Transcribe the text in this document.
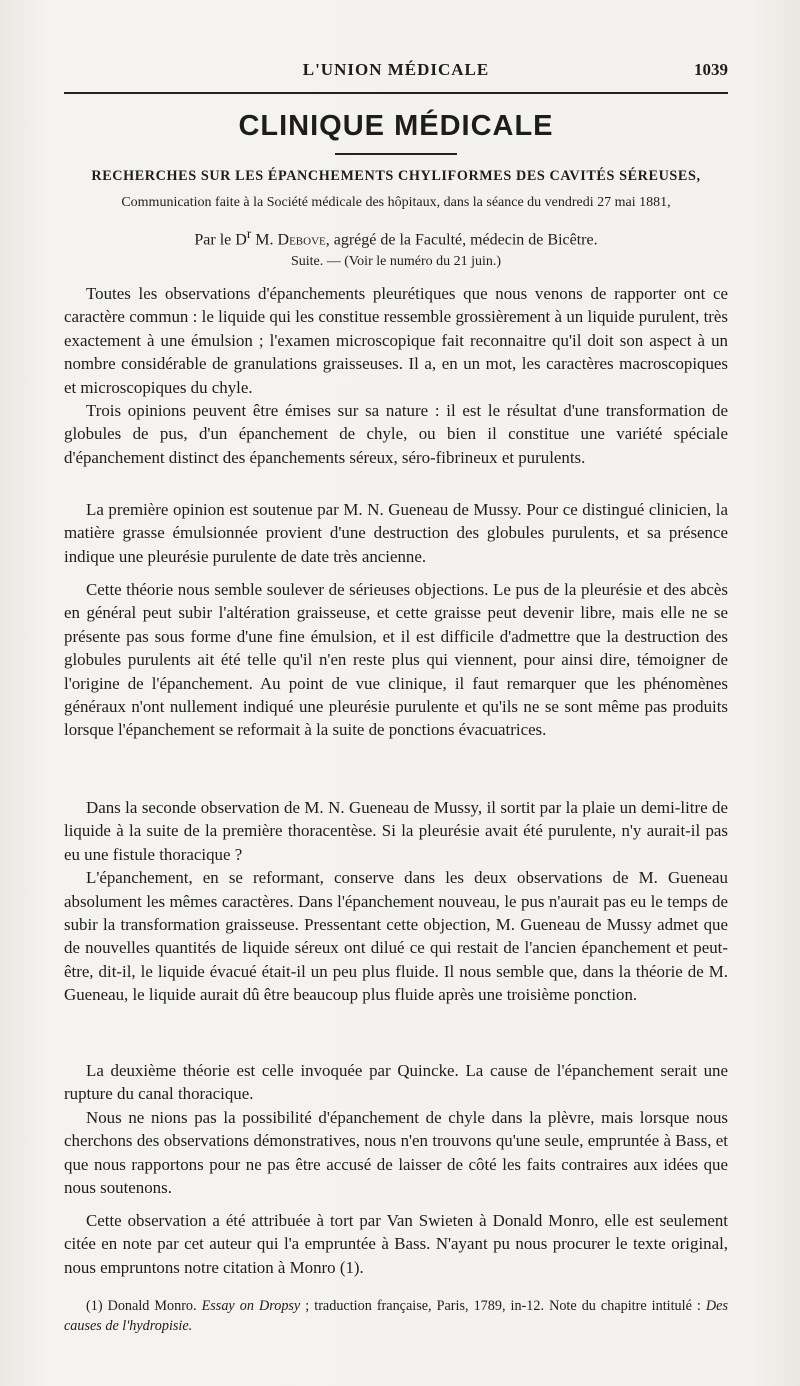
L'UNION MÉDICALE	1039
CLINIQUE MÉDICALE
RECHERCHES SUR LES ÉPANCHEMENTS CHYLIFORMES DES CAVITÉS SÉREUSES,
Communication faite à la Société médicale des hôpitaux, dans la séance du vendredi 27 mai 1881,
Par le $D^r$ M. Debove, agrégé de la Faculté, médecin de Bicêtre.
Suite. — (Voir le numéro du 21 juin.)

Toutes les observations d'épanchements pleurétiques que nous venons de rapporter ont ce caractère commun : le liquide qui les constitue ressemble grossièrement à un liquide purulent, très exactement à une émulsion ; l'examen microscopique fait reconnaitre qu'il doit son aspect à un nombre considérable de granulations graisseuses. Il a, en un mot, les caractères macroscopiques et microscopiques du chyle.

Trois opinions peuvent être émises sur sa nature : il est le résultat d'une transformation de globules de pus, d'un épanchement de chyle, ou bien il constitue une variété spéciale d'épanchement distinct des épanchements séreux, séro-fibrineux et purulents.

La première opinion est soutenue par M. N. Gueneau de Mussy. Pour ce distingué clinicien, la matière grasse émulsionnée provient d'une destruction des globules purulents, et sa présence indique une pleurésie purulente de date très ancienne.

Cette théorie nous semble soulever de sérieuses objections. Le pus de la pleurésie et des abcès en général peut subir l'altération graisseuse, et cette graisse peut devenir libre, mais elle ne se présente pas sous forme d'une fine émulsion, et il est difficile d'admettre que la destruction des globules purulents ait été telle qu'il n'en reste plus qui viennent, pour ainsi dire, témoigner de l'origine de l'épanchement. Au point de vue clinique, il faut remarquer que les phénomènes généraux n'ont nullement indiqué une pleurésie purulente et qu'ils ne se sont même pas produits lorsque l'épanchement se reformait à la suite de ponctions évacuatrices.

Dans la seconde observation de M. N. Gueneau de Mussy, il sortit par la plaie un demi-litre de liquide à la suite de la première thoracentèse. Si la pleurésie avait été purulente, n'y aurait-il pas eu une fistule thoracique ?

L'épanchement, en se reformant, conserve dans les deux observations de M. Gueneau absolument les mêmes caractères. Dans l'épanchement nouveau, le pus n'aurait pas eu le temps de subir la transformation graisseuse. Pressentant cette objection, M. Gueneau de Mussy admet que de nouvelles quantités de liquide séreux ont dilué ce qui restait de l'ancien épanchement et peut-être, dit-il, le liquide évacué était-il un peu plus fluide. Il nous semble que, dans la théorie de M. Gueneau, le liquide aurait dû être beaucoup plus fluide après une troisième ponction.

La deuxième théorie est celle invoquée par Quincke. La cause de l'épanchement serait une rupture du canal thoracique.

Nous ne nions pas la possibilité d'épanchement de chyle dans la plèvre, mais lorsque nous cherchons des observations démonstratives, nous n'en trouvons qu'une seule, empruntée à Bass, et que nous rapportons pour ne pas être accusé de laisser de côté les faits contraires aux idées que nous soutenons.

Cette observation a été attribuée à tort par Van Swieten à Donald Monro, elle est seulement citée en note par cet auteur qui l'a empruntée à Bass. N'ayant pu nous procurer le texte original, nous empruntons notre citation à Monro (1).

(1) Donald Monro. Essay on Dropsy ; traduction française, Paris, 1789, in-12. Note du chapitre intitulé : Des causes de l'hydropisie.
